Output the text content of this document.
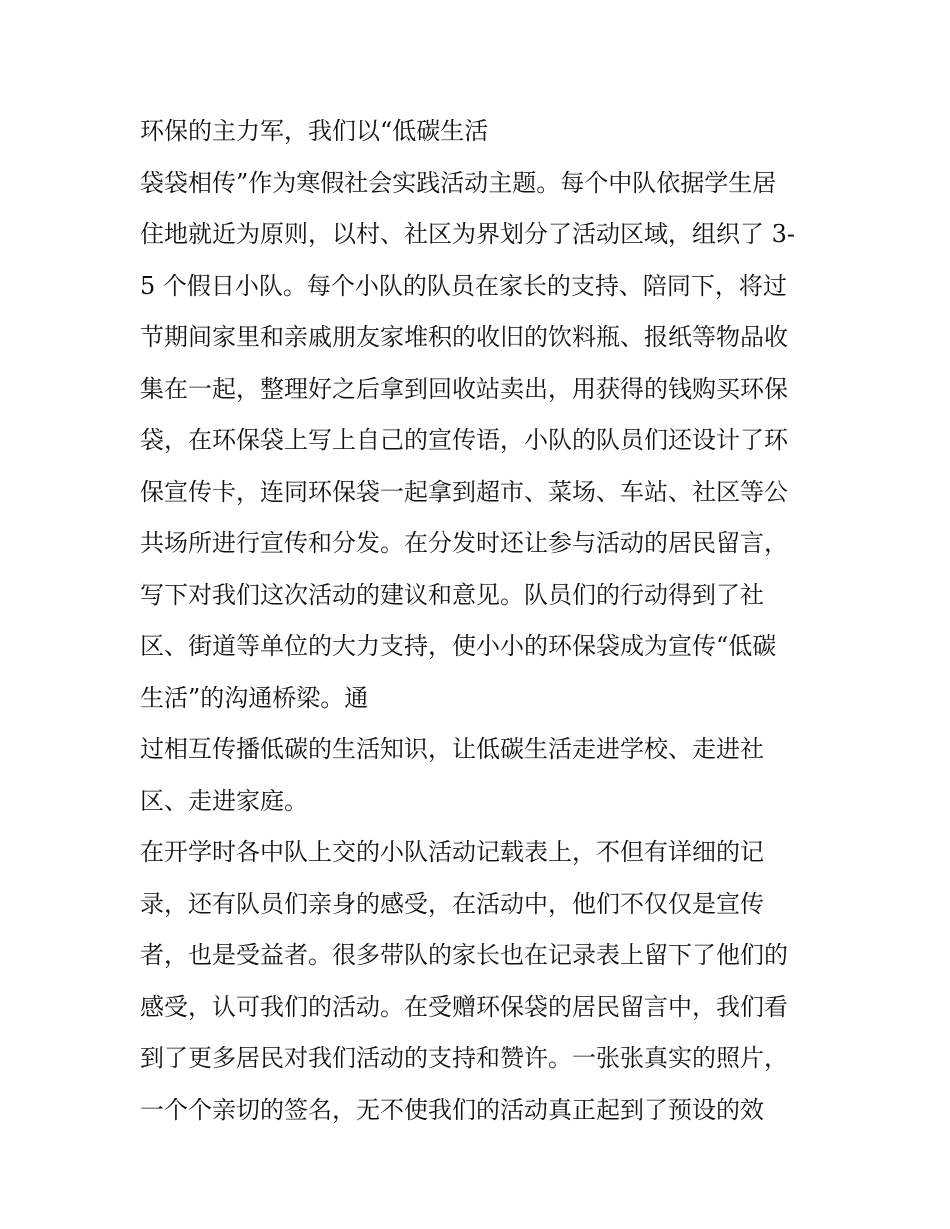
环保的主力军，我们以“低碳生活
袋袋相传”作为寒假社会实践活动主题。每个中队依据学生居
住地就近为原则，以村、社区为界划分了活动区域，组织了 3-
5 个假日小队。每个小队的队员在家长的支持、陪同下，将过
节期间家里和亲戚朋友家堆积的收旧的饮料瓶、报纸等物品收
集在一起，整理好之后拿到回收站卖出，用获得的钱购买环保
袋，在环保袋上写上自己的宣传语，小队的队员们还设计了环
保宣传卡，连同环保袋一起拿到超市、菜场、车站、社区等公
共场所进行宣传和分发。在分发时还让参与活动的居民留言，
写下对我们这次活动的建议和意见。队员们的行动得到了社
区、街道等单位的大力支持，使小小的环保袋成为宣传“低碳
生活”的沟通桥梁。通
过相互传播低碳的生活知识，让低碳生活走进学校、走进社
区、走进家庭。
在开学时各中队上交的小队活动记载表上，不但有详细的记
录，还有队员们亲身的感受，在活动中，他们不仅仅是宣传
者，也是受益者。很多带队的家长也在记录表上留下了他们的
感受，认可我们的活动。在受赠环保袋的居民留言中，我们看
到了更多居民对我们活动的支持和赞许。一张张真实的照片，
一个个亲切的签名，无不使我们的活动真正起到了预设的效
